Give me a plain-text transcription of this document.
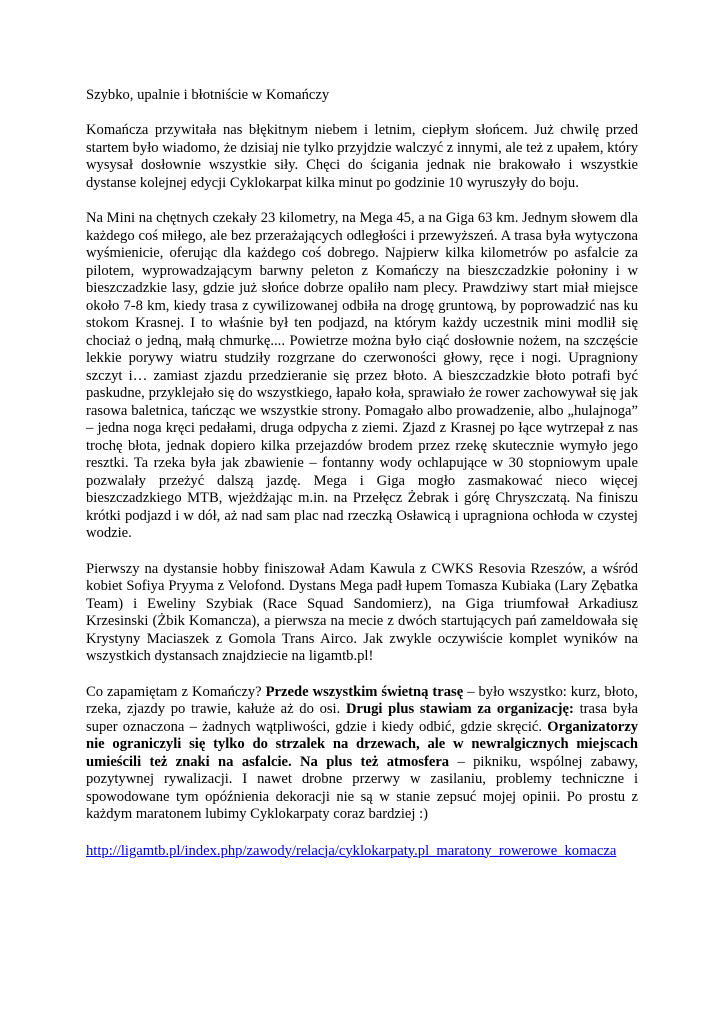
Szybko, upalnie i błotniście w Komańczy

Komańcza przywitała nas błękitnym niebem i letnim, ciepłym słońcem. Już chwilę przed startem było wiadomo, że dzisiaj nie tylko przyjdzie walczyć z innymi, ale też z upałem, który wysysał dosłownie wszystkie siły. Chęci do ścigania jednak nie brakowało i wszystkie dystanse kolejnej edycji Cyklokarpat kilka minut po godzinie 10 wyruszyły do boju.

Na Mini na chętnych czekały 23 kilometry, na Mega 45, a na Giga 63 km. Jednym słowem dla każdego coś miłego, ale bez przerażających odległości i przewyższeń. A trasa była wytyczona wyśmienicie, oferując dla każdego coś dobrego. Najpierw kilka kilometrów po asfalcie za pilotem, wyprowadzającym barwny peleton z Komańczy na bieszczadzkie połoniny i w bieszczadzkie lasy, gdzie już słońce dobrze opaliło nam plecy. Prawdziwy start miał miejsce około 7-8 km, kiedy trasa z cywilizowanej odbiła na drogę gruntową, by poprowadzić nas ku stokom Krasnej. I to właśnie był ten podjazd, na którym każdy uczestnik mini modlił się chociaż o jedną, małą chmurkę.... Powietrze można było ciąć dosłownie nożem, na szczęście lekkie porywy wiatru studziły rozgrzane do czerwoności głowy, ręce i nogi. Upragniony szczyt i… zamiast zjazdu przedzieranie się przez błoto. A bieszczadzkie błoto potrafi być paskudne, przyklejało się do wszystkiego, łapało koła, sprawiało że rower zachowywał się jak rasowa baletnica, tańcząc we wszystkie strony. Pomagało albo prowadzenie, albo „hulajnoga” – jedna noga kręci pedałami, druga odpycha z ziemi. Zjazd z Krasnej po łące wytrzepał z nas trochę błota, jednak dopiero kilka przejazdów brodem przez rzekę skutecznie wymyło jego resztki. Ta rzeka była jak zbawienie – fontanny wody ochlapujące w 30 stopniowym upale pozwalały przeżyć dalszą jazdę. Mega i Giga mogło zasmakować nieco więcej bieszczadzkiego MTB, wjeżdżając m.in. na Przełęcz Żebrak i górę Chryszczatą. Na finiszu krótki podjazd i w dół, aż nad sam plac nad rzeczką Osławicą i upragniona ochłoda w czystej wodzie.

Pierwszy na dystansie hobby finiszował Adam Kawula z CWKS Resovia Rzeszów, a wśród kobiet Sofiya Pryyma z Velofond. Dystans Mega padł łupem Tomasza Kubiaka (Lary Zębatka Team) i Eweliny Szybiak (Race Squad Sandomierz), na Giga triumfował Arkadiusz Krzesinski (Żbik Komancza), a pierwsza na mecie z dwóch startujących pań zameldowała się Krystyny Maciaszek z Gomola Trans Airco. Jak zwykle oczywiście komplet wyników na wszystkich dystansach znajdziecie na ligamtb.pl!

Co zapamiętam z Komańczy? Przede wszystkim świetną trasę – było wszystko: kurz, błoto, rzeka, zjazdy po trawie, kałuże aż do osi. Drugi plus stawiam za organizację: trasa była super oznaczona – żadnych wątpliwości, gdzie i kiedy odbić, gdzie skręcić. Organizatorzy nie ograniczyli się tylko do strzalek na drzewach, ale w newralgicznych miejscach umieścili też znaki na asfalcie. Na plus też atmosfera – pikniku, wspólnej zabawy, pozytywnej rywalizacji. I nawet drobne przerwy w zasilaniu, problemy techniczne i spowodowane tym opóźnienia dekoracji nie są w stanie zepsuć mojej opinii. Po prostu z każdym maratonem lubimy Cyklokarpaty coraz bardziej :)

http://ligamtb.pl/index.php/zawody/relacja/cyklokarpaty.pl_maratony_rowerowe_komacza
